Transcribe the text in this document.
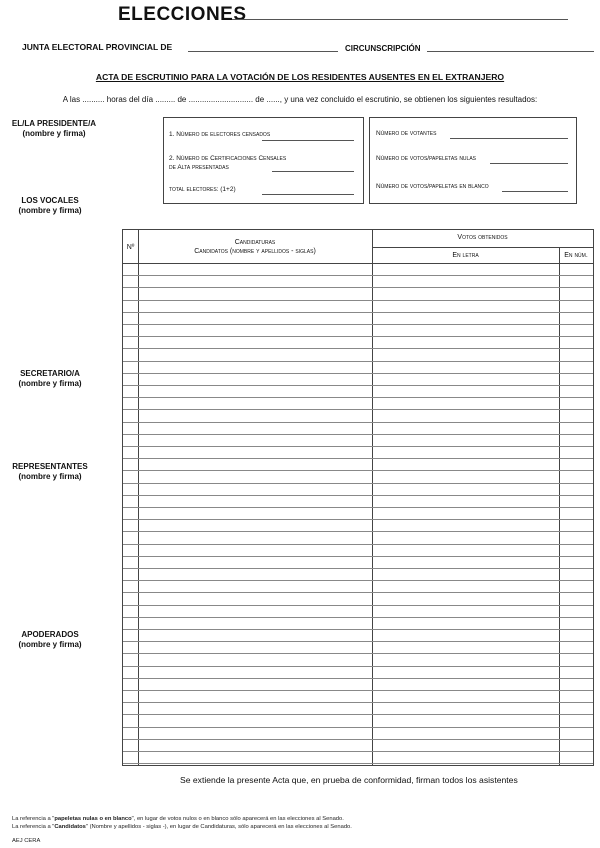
ELECCIONES
JUNTA ELECTORAL PROVINCIAL DE	CIRCUNSCRIPCIÓN
ACTA DE ESCRUTINIO PARA LA VOTACIÓN DE LOS RESIDENTES AUSENTES EN EL EXTRANJERO
A las .......... horas del día ......... de ............................. de ......, y una vez concluido el escrutinio, se obtienen los siguientes resultados:
EL/LA PRESIDENTE/A
(nombre y firma)
LOS VOCALES
(nombre y firma)
SECRETARIO/A
(nombre y firma)
REPRESENTANTES
(nombre y firma)
APODERADOS
(nombre y firma)
1. Número de electores censados
2. Número de Certificaciones Censales
de Alta presentadas
total electores: (1+2)
Número de votantes
Número de votos/papeletas nulas
Número de votos/papeletas en blanco
Nº
Candidaturas
Candidatos (nombre y apellidos - siglas)
Votos obtenidos
En letra	En núm.
Se extiende la presente Acta que, en prueba de conformidad, firman todos los asistentes
La referencia a "papeletas nulas o en blanco", en lugar de votos nulos o en blanco sólo aparecerá en las elecciones al Senado.
La referencia a "Candidatos" (Nombre y apellidos - siglas -), en lugar de Candidaturas, sólo aparecerá en las elecciones al Senado.
AEJ CERA
